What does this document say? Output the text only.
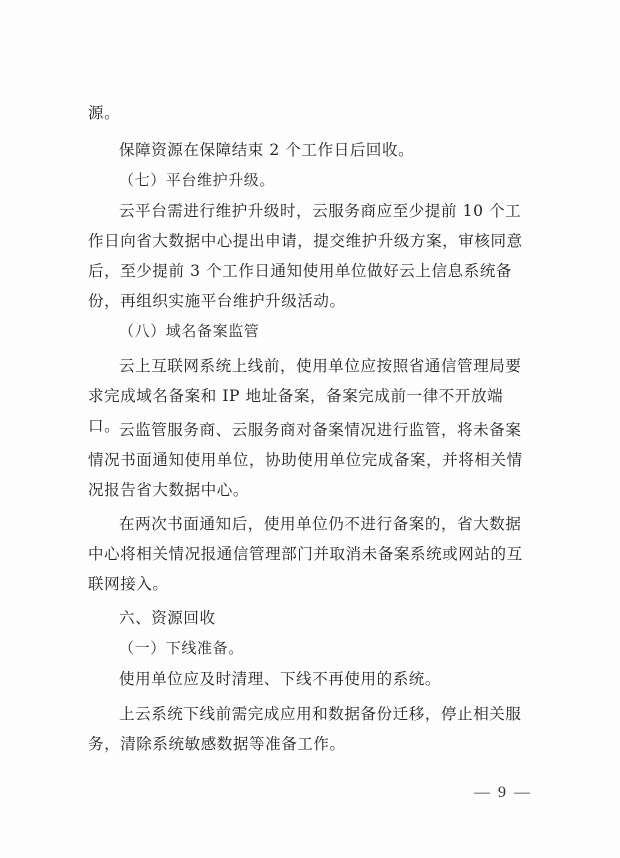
源。

保障资源在保障结束 2 个工作日后回收。

（七）平台维护升级。

云平台需进行维护升级时，云服务商应至少提前 10 个工作日向省大数据中心提出申请，提交维护升级方案，审核同意后，至少提前 3 个工作日通知使用单位做好云上信息系统备份，再组织实施平台维护升级活动。

（八）域名备案监管

云上互联网系统上线前，使用单位应按照省通信管理局要求完成域名备案和 IP 地址备案，备案完成前一律不开放端口。

云监管服务商、云服务商对备案情况进行监管，将未备案情况书面通知使用单位，协助使用单位完成备案，并将相关情况报告省大数据中心。

在两次书面通知后，使用单位仍不进行备案的，省大数据中心将相关情况报通信管理部门并取消未备案系统或网站的互联网接入。

六、资源回收

（一）下线准备。

使用单位应及时清理、下线不再使用的系统。

上云系统下线前需完成应用和数据备份迁移，停止相关服务，清除系统敏感数据等准备工作。

— 9 —
